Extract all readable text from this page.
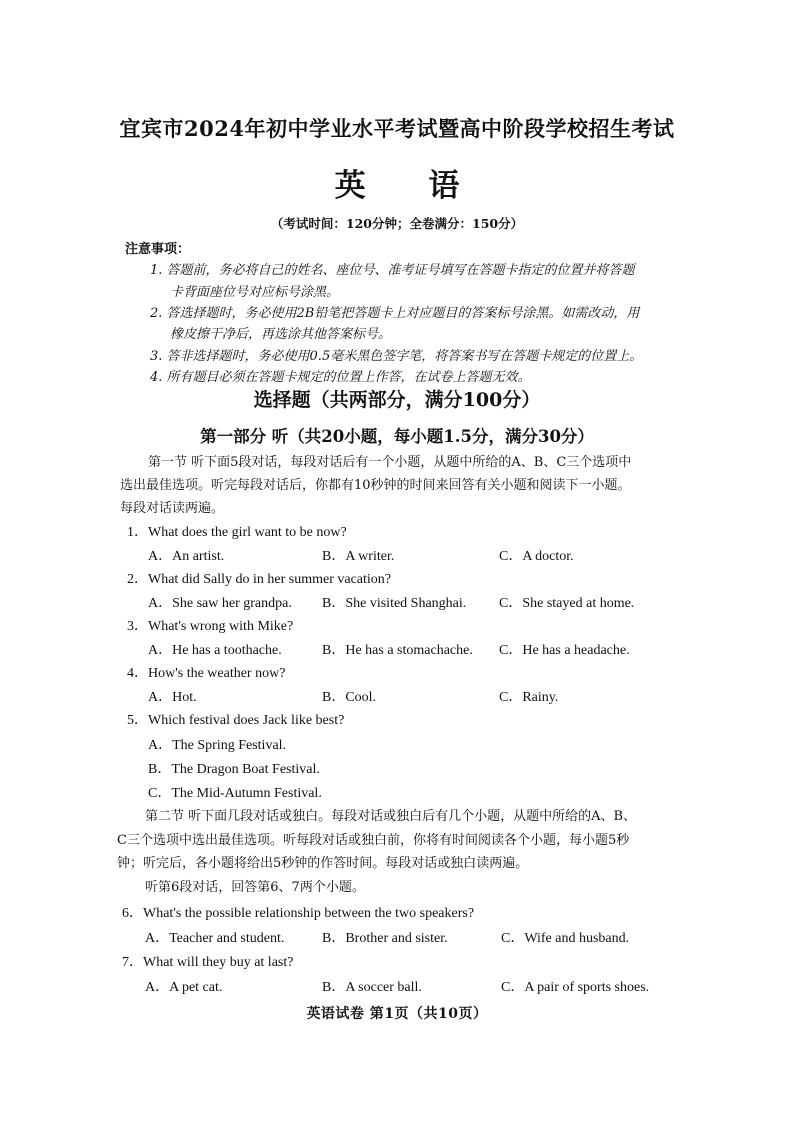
宜宾市2024年初中学业水平考试暨高中阶段学校招生考试
英 语
（考试时间：120分钟；全卷满分：150分）
注意事项：
1. 答题前，务必将自己的姓名、座位号、准考证号填写在答题卡指定的位置并将答题
卡背面座位号对应标号涂黑。
2. 答选择题时，务必使用2B铅笔把答题卡上对应题目的答案标号涂黑。如需改动，用
橡皮擦干净后，再选涂其他答案标号。
3. 答非选择题时，务必使用0.5毫米黑色签字笔，将答案书写在答题卡规定的位置上。
4. 所有题目必须在答题卡规定的位置上作答，在试卷上答题无效。
选择题（共两部分，满分100分）
第一部分 听（共20小题，每小题1.5分，满分30分）
第一节 听下面5段对话，每段对话后有一个小题，从题中所给的A、B、C三个选项中
选出最佳选项。听完每段对话后，你都有10秒钟的时间来回答有关小题和阅读下一小题。
每段对话读两遍。
1．What does the girl want to be now?
A．An artist.	B．A writer.	C．A doctor.
2．What did Sally do in her summer vacation?
A．She saw her grandpa. B．She visited Shanghai. C．She stayed at home.
3．What's wrong with Mike?
A．He has a toothache.	B．He has a stomachache. C．He has a headache.
4．How's the weather now?
A．Hot.	B．Cool.	C．Rainy.
5．Which festival does Jack like best?
A．The Spring Festival.
B．The Dragon Boat Festival.
C．The Mid-Autumn Festival.
第二节 听下面几段对话或独白。每段对话或独白后有几个小题，从题中所给的A、B、
C三个选项中选出最佳选项。听每段对话或独白前，你将有时间阅读各个小题，每小题5秒
钟；听完后，各小题将给出5秒钟的作答时间。每段对话或独白读两遍。
听第6段对话，回答第6、7两个小题。
6．What's the possible relationship between the two speakers?
A．Teacher and student.	B．Brother and sister.	C．Wife and husband.
7．What will they buy at last?
A．A pet cat.	B．A soccer ball.	C．A pair of sports shoes.
英语试卷 第1页（共10页）
